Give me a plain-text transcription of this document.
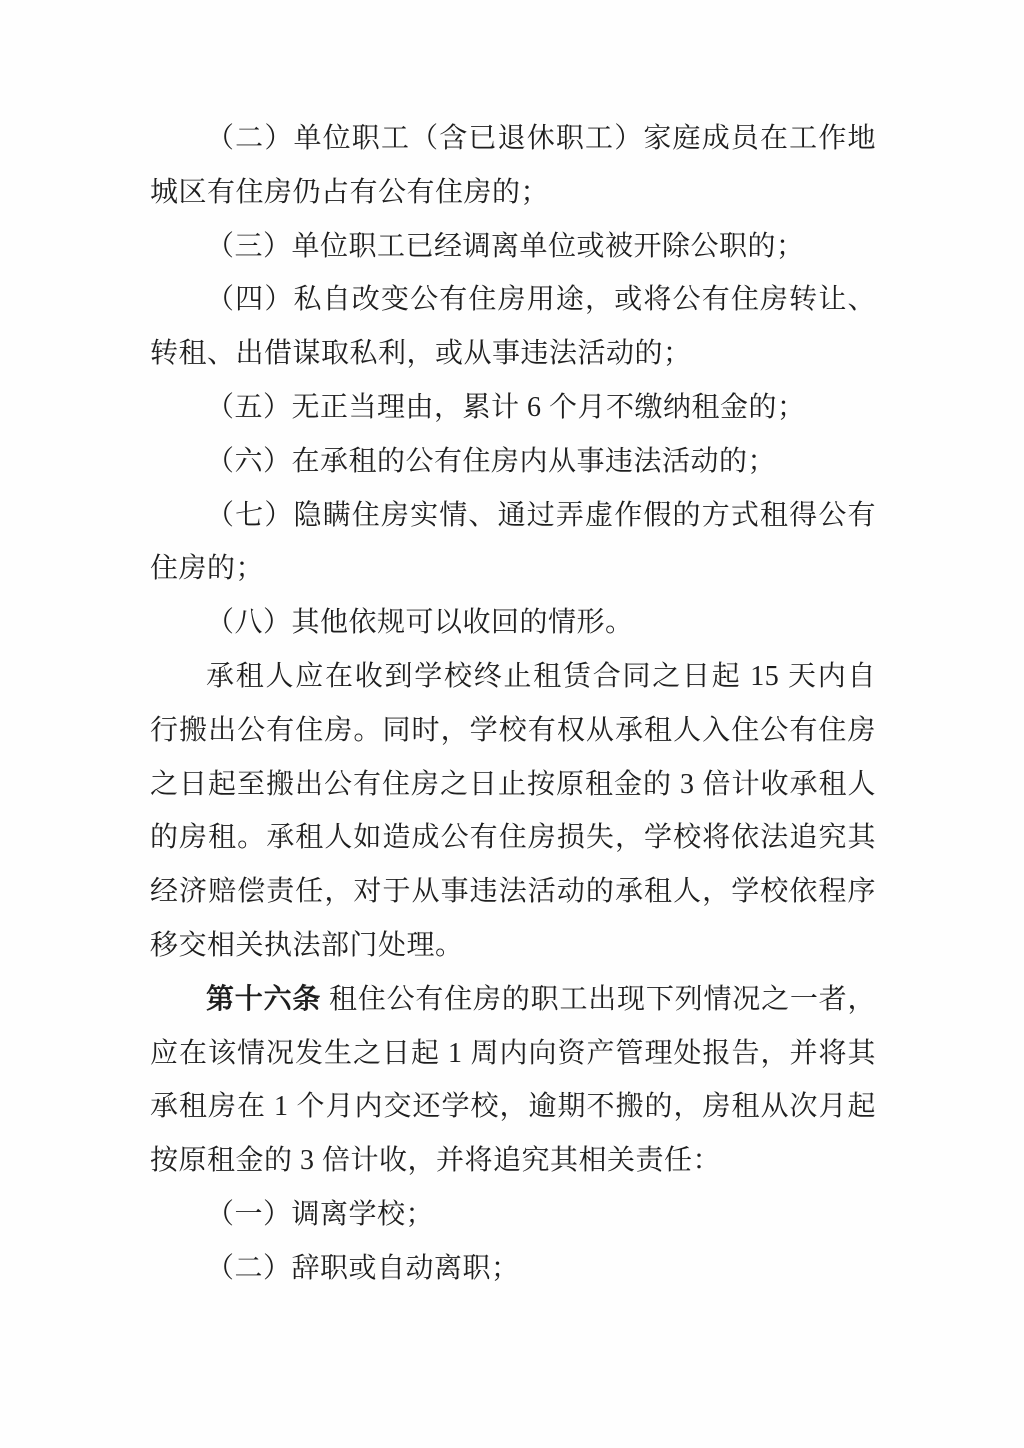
（二）单位职工（含已退休职工）家庭成员在工作地城区有住房仍占有公有住房的；

（三）单位职工已经调离单位或被开除公职的；

（四）私自改变公有住房用途，或将公有住房转让、转租、出借谋取私利，或从事违法活动的；

（五）无正当理由，累计 6 个月不缴纳租金的；

（六）在承租的公有住房内从事违法活动的；

（七）隐瞒住房实情、通过弄虚作假的方式租得公有住房的；

（八）其他依规可以收回的情形。

承租人应在收到学校终止租赁合同之日起 15 天内自行搬出公有住房。同时，学校有权从承租人入住公有住房之日起至搬出公有住房之日止按原租金的 3 倍计收承租人的房租。承租人如造成公有住房损失，学校将依法追究其经济赔偿责任，对于从事违法活动的承租人，学校依程序移交相关执法部门处理。

第十六条 租住公有住房的职工出现下列情况之一者，应在该情况发生之日起 1 周内向资产管理处报告，并将其承租房在 1 个月内交还学校，逾期不搬的，房租从次月起按原租金的 3 倍计收，并将追究其相关责任：

（一）调离学校；

（二）辞职或自动离职；
